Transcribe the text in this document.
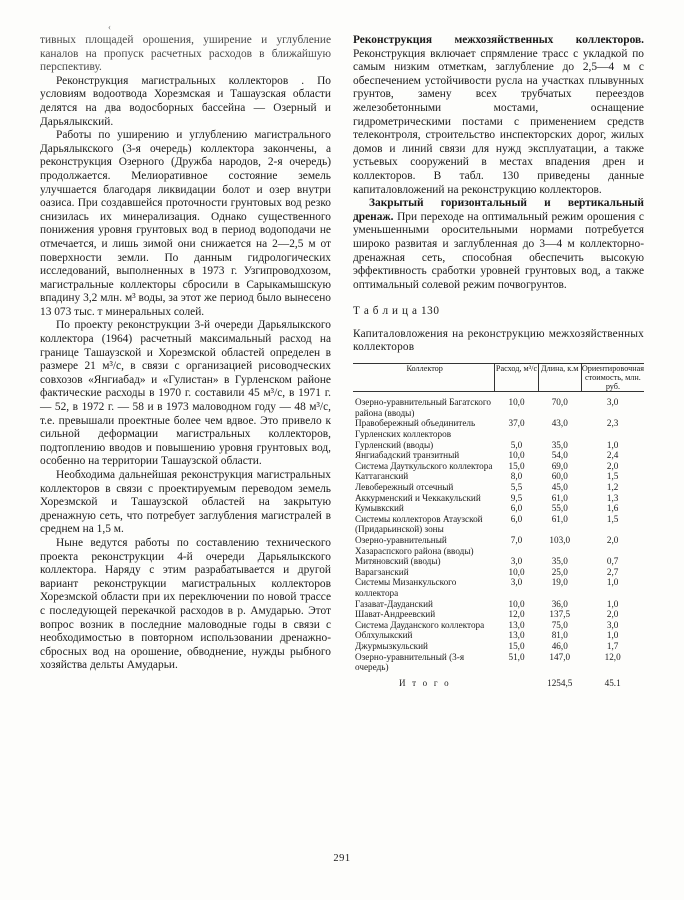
‹

тивных площадей орошения, уширение и углубление каналов на пропуск расчетных расходов в ближайшую перспективу.

Реконструкция магистральных коллекторов . По условиям водоотвода Хорезмская и Ташаузская области делятся на два водосборных бассейна — Озерный и Дарьялыкский.

Работы по уширению и углублению магистрального Дарьялыкского (3-я очередь) коллектора закончены, а реконструкция Озерного (Дружба народов, 2-я очередь) продолжается. Мелиоративное состояние земель улучшается благодаря ликвидации болот и озер внутри оазиса. При создавшейся проточности грунтовых вод резко снизилась их минерализация. Однако существенного понижения уровня грунтовых вод в период водоподачи не отмечается, и лишь зимой они снижается на 2—2,5 м от поверхности земли. По данным гидрологических исследований, выполненных в 1973 г. Узгипроводхозом, магистральные коллекторы сбросили в Сарыкамышскую впадину 3,2 млн. м³ воды, за этот же период было вынесено 13 073 тыс. т минеральных солей.

По проекту реконструкции 3-й очереди Дарьялыкского коллектора (1964) расчетный максимальный расход на границе Ташаузской и Хорезмской областей определен в размере 21 м³/с, в связи с организацией рисоводческих совхозов «Янгиабад» и «Гулистан» в Гурленском районе фактические расходы в 1970 г. составили 45 м³/с, в 1971 г. — 52, в 1972 г. — 58 и в 1973 маловодном году — 48 м³/с, т.е. превышали проектные более чем вдвое. Это привело к сильной деформации магистральных коллекторов, подтоплению вводов и повышению уровня грунтовых вод, особенно на территории Ташаузской области.

Необходима дальнейшая реконструкция магистральных коллекторов в связи с проектируемым переводом земель Хорезмской и Ташаузской областей на закрытую дренажную сеть, что потребует заглубления магистралей в среднем на 1,5 м.

Ныне ведутся работы по составлению технического проекта реконструкции 4-й очереди Дарьялыкского коллектора. Наряду с этим разрабатывается и другой вариант реконструкции магистральных коллекторов Хорезмской области при их переключении по новой трассе с последующей перекачкой расходов в р. Амударью. Этот вопрос возник в последние маловодные годы в связи с необходимостью в повторном использовании дренажно-сбросных вод на орошение, обводнение, нужды рыбного хозяйства дельты Амударьи.

Реконструкция межхозяйственных коллекторов. Реконструкция включает спрямление трасс с укладкой по самым низким отметкам, заглубление до 2,5—4 м с обеспечением устойчивости русла на участках плывунных грунтов, замену всех трубчатых переездов железобетонными мостами, оснащение гидрометрическими постами с применением средств телеконтроля, строительство инспекторских дорог, жилых домов и линий связи для нужд эксплуатации, а также устьевых сооружений в местах впадения дрен и коллекторов. В табл. 130 приведены данные капиталовложений на реконструкцию коллекторов.

Закрытый горизонтальный и вертикальный дренаж. При переходе на оптимальный режим орошения с уменьшенными оросительными нормами потребуется широко развитая и заглубленная до 3—4 м коллекторно-дренажная сеть, способная обеспечить высокую эффективность сработки уровней грунтовых вод, а также оптимальный солевой режим почвогрунтов.

Т а б л и ц а 130

Капиталовложения на реконструкцию межхозяйственных коллекторов

Коллектор	Расход, м³/с	Длина, к.м	Ориентировочная стоимость, млн. руб.

Озерно-уравнительный Багатского района (вводы)	10,0	70,0	3,0
Правобережный объединитель Гурленских коллекторов	37,0	43,0	2,3
Гурленский (вводы)	5,0	35,0	1,0
Янгиабадский транзитный	10,0	54,0	2,4
Система Даутку́льского коллектора	15,0	69,0	2,0
Каттаганский	8,0	60,0	1,5
Левобережный отсечный	5,5	45,0	1,2
Аккурменский и Чеккакульский	9,5	61,0	1,3
Кумывкский	6,0	55,0	1,6
Системы коллекторов Атаузской (Придарьинской) зоны	6,0	61,0	1,5
Озерно-уравнительный Хазараспского района (вводы)	7,0	103,0	2,0
Митяновский (вводы)	3,0	35,0	0,7
Варагзанский	10,0	25,0	2,7
Системы Мизанкульского коллектора	3,0	19,0	1,0
Газават-Дауданский	10,0	36,0	1,0
Шават-Андреевский	12,0	137,5	2,0
Система Дауданского коллектора	13,0	75,0	3,0
Облхулыкский	13,0	81,0	1,0
Джурмызкульский	15,0	46,0	1,7
Озерно-уравнительный (3-я очередь)	51,0	147,0	12,0

И т о г о		1254,5	45.1

291
